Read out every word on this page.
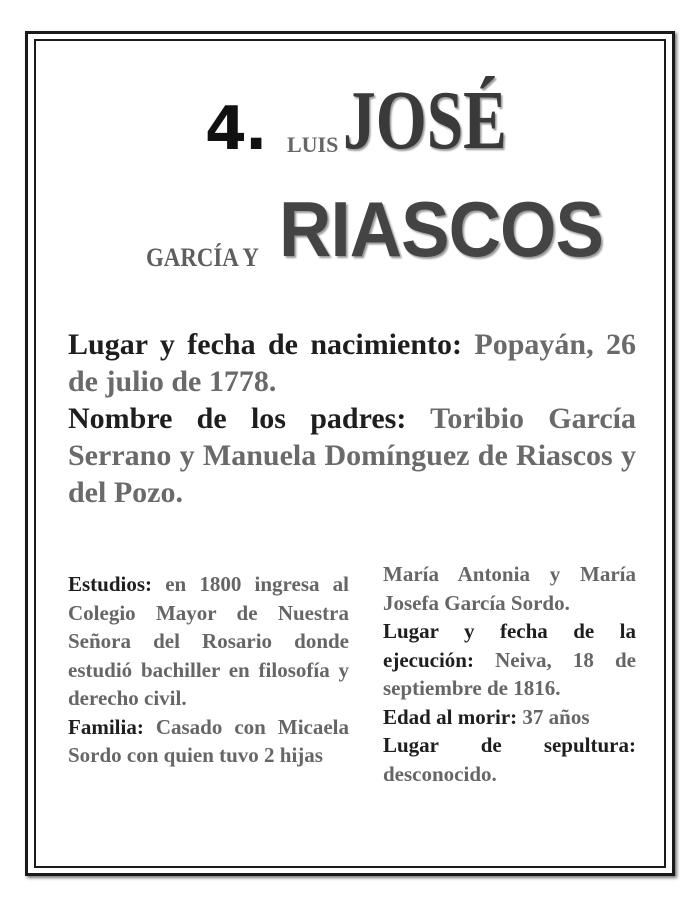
4. LUIS JOSÉ
GARCÍA Y RIASCOS

Lugar y fecha de nacimiento: Popayán, 26 de julio de 1778.

Nombre de los padres: Toribio García Serrano y Manuela Domínguez de Riascos y del Pozo.

Estudios: en 1800 ingresa al Colegio Mayor de Nuestra Señora del Rosario donde estudió bachiller en filosofía y derecho civil.

Familia: Casado con Micaela Sordo con quien tuvo 2 hijas

María Antonia y María Josefa García Sordo.

Lugar y fecha de la ejecución: Neiva, 18 de septiembre de 1816.

Edad al morir: 37 años

Lugar de sepultura: desconocido.
